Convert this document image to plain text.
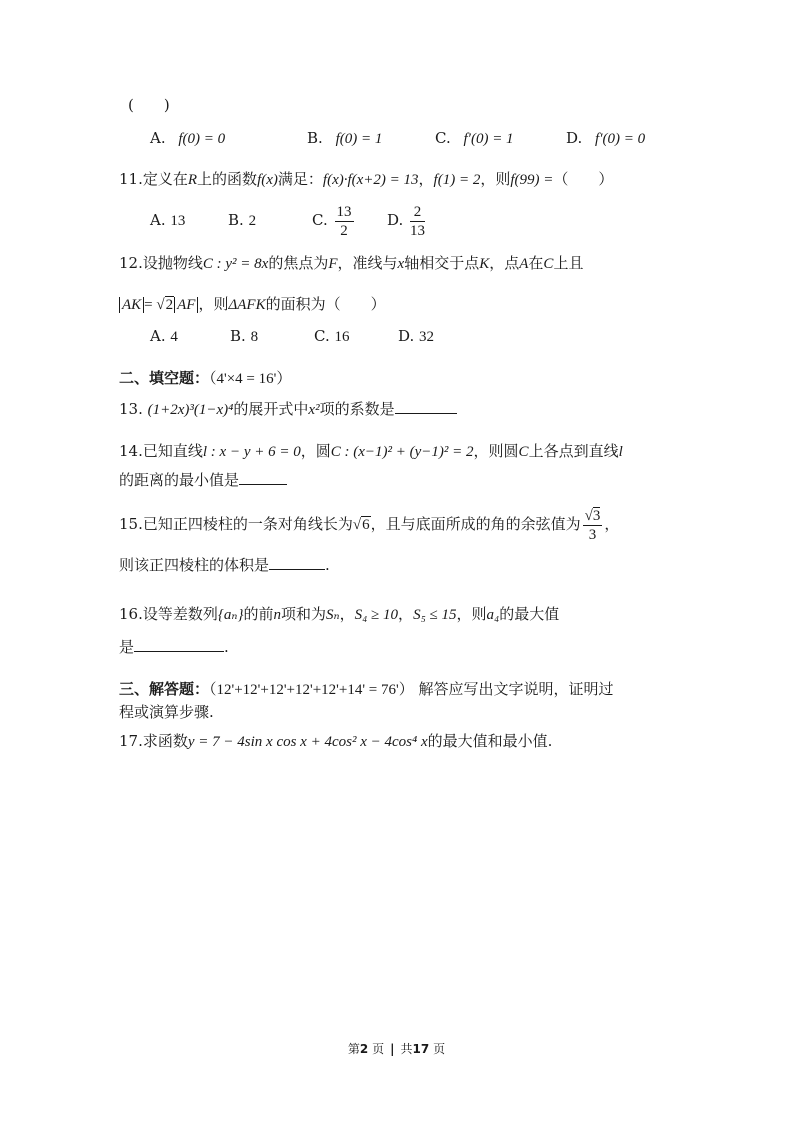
(　　)
A. f(0) = 0	B. f(0) = 1	C. f′(0) = 1	D. f′(0) = 0
11.定义在R上的函数f(x)满足：f(x)·f(x+2) = 13，f(1) = 2，则f(99) =（　　）
A. 13	B. 2	C. $\frac{13}{2} D$. $\frac{2}{13}$
12.设抛物线C : y² = 8x的焦点为F，准线与x轴相交于点K，点A在C上且
AK = √2 AF ，则ΔAFK的面积为（　　）
A. 4	B. 8	C. 16	D. 32
二、填空题：（4'×4 = 16'）
13. (1+2x)³(1−x)⁴的展开式中x²项的系数是
14.已知直线l : x − y + 6 = 0，圆C : (x−1)² + (y−1)² = 2，则圆C上各点到直线l
的距离的最小值是
15.已知正四棱柱的一条对角线长为√6，且与底面所成的角的余弦值为 $\frac{√3}{3}$ ，
则该正四棱柱的体积是	.
16.设等差数列{aₙ}的前n项和为Sₙ，S₄ ≥ 10，S₅ ≤ 15，则a₄的最大值
是	.
三、解答题：（12'+12'+12'+12'+12'+14' = 76'） 解答应写出文字说明，证明过
程或演算步骤.
17.求函数y = 7 − 4sin x cos x + 4cos² x − 4cos⁴ x的最大值和最小值.
第2 页 | 共17 页
